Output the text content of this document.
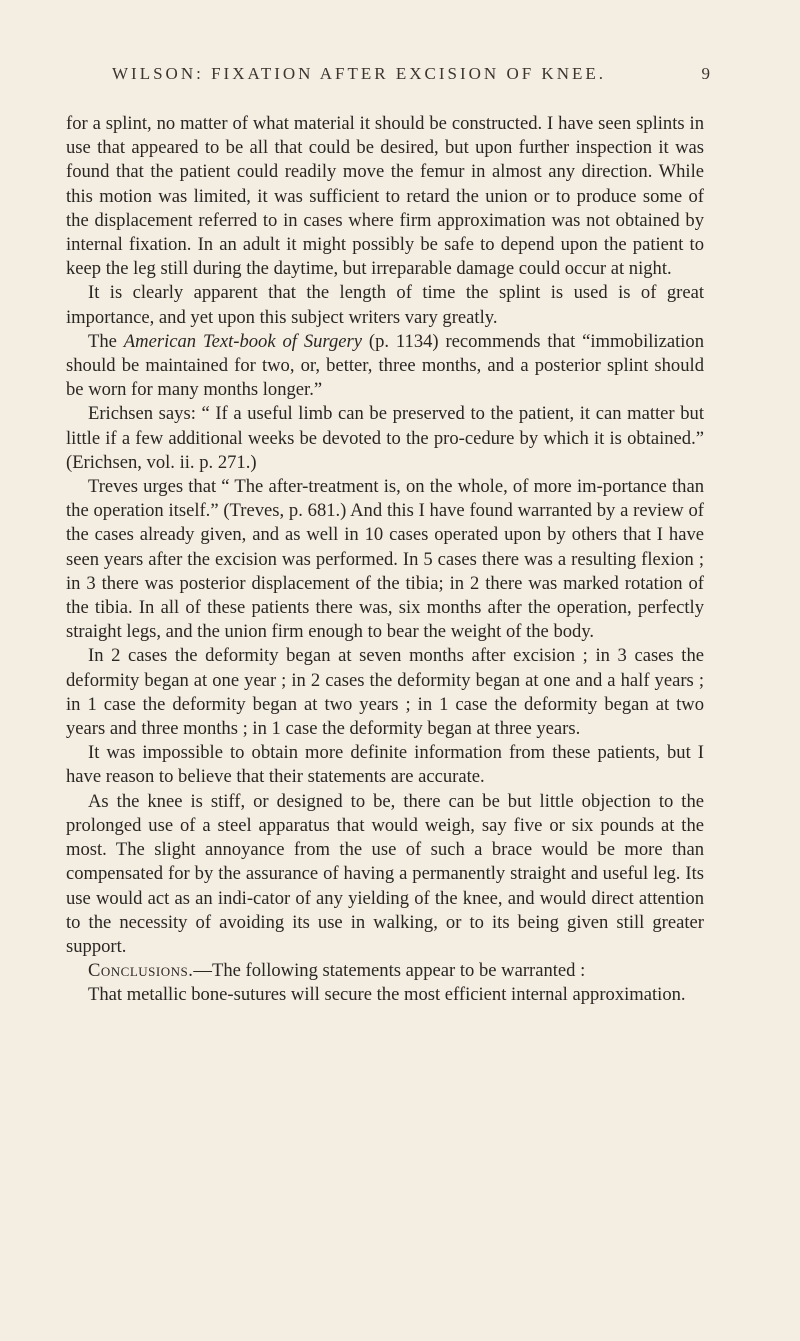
WILSON: FIXATION AFTER EXCISION OF KNEE.	9

for a splint, no matter of what material it should be constructed. I have seen splints in use that appeared to be all that could be desired, but upon further inspection it was found that the patient could readily move the femur in almost any direction. While this motion was limited, it was sufficient to retard the union or to produce some of the displacement referred to in cases where firm approximation was not obtained by internal fixation. In an adult it might possibly be safe to depend upon the patient to keep the leg still during the daytime, but irreparable damage could occur at night.

It is clearly apparent that the length of time the splint is used is of great importance, and yet upon this subject writers vary greatly.

The American Text-book of Surgery (p. 1134) recommends that “immobilization should be maintained for two, or, better, three months, and a posterior splint should be worn for many months longer.”

Erichsen says: “ If a useful limb can be preserved to the patient, it can matter but little if a few additional weeks be devoted to the pro-cedure by which it is obtained.” (Erichsen, vol. ii. p. 271.)

Treves urges that “ The after-treatment is, on the whole, of more im-portance than the operation itself.” (Treves, p. 681.) And this I have found warranted by a review of the cases already given, and as well in 10 cases operated upon by others that I have seen years after the excision was performed. In 5 cases there was a resulting flexion ; in 3 there was posterior displacement of the tibia; in 2 there was marked rotation of the tibia. In all of these patients there was, six months after the operation, perfectly straight legs, and the union firm enough to bear the weight of the body.

In 2 cases the deformity began at seven months after excision ; in 3 cases the deformity began at one year ; in 2 cases the deformity began at one and a half years ; in 1 case the deformity began at two years ; in 1 case the deformity began at two years and three months ; in 1 case the deformity began at three years.

It was impossible to obtain more definite information from these patients, but I have reason to believe that their statements are accurate.

As the knee is stiff, or designed to be, there can be but little objection to the prolonged use of a steel apparatus that would weigh, say five or six pounds at the most. The slight annoyance from the use of such a brace would be more than compensated for by the assurance of having a permanently straight and useful leg. Its use would act as an indi-cator of any yielding of the knee, and would direct attention to the necessity of avoiding its use in walking, or to its being given still greater support.

Conclusions.—The following statements appear to be warranted :

That metallic bone-sutures will secure the most efficient internal approximation.
